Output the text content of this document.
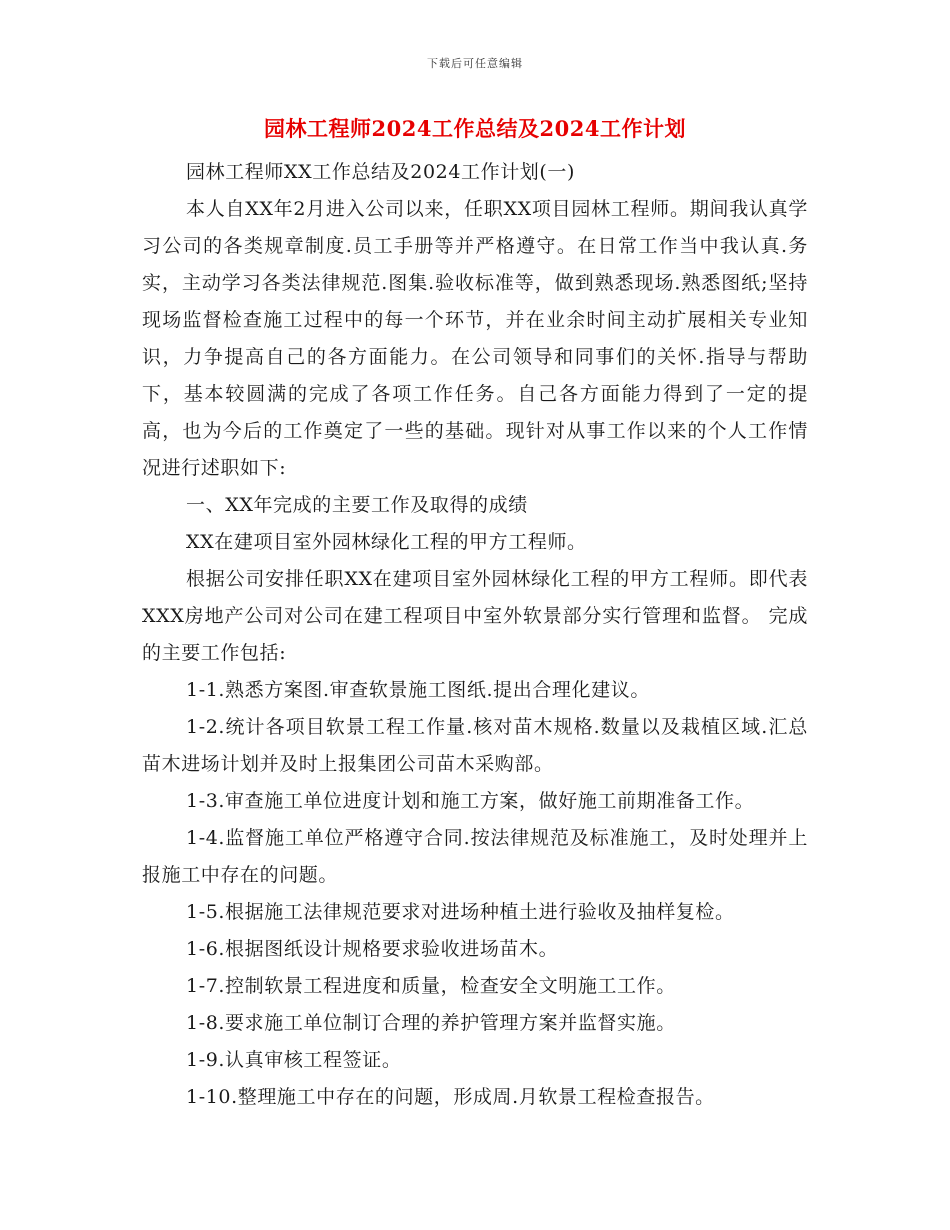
下载后可任意编辑
园林工程师2024工作总结及2024工作计划

园林工程师XX工作总结及2024工作计划(一)

本人自XX年2月进入公司以来，任职XX项目园林工程师。期间我认真学习公司的各类规章制度.员工手册等并严格遵守。在日常工作当中我认真.务实，主动学习各类法律规范.图集.验收标准等，做到熟悉现场.熟悉图纸;坚持现场监督检查施工过程中的每一个环节，并在业余时间主动扩展相关专业知识，力争提高自己的各方面能力。在公司领导和同事们的关怀.指导与帮助下，基本较圆满的完成了各项工作任务。自己各方面能力得到了一定的提高，也为今后的工作奠定了一些的基础。现针对从事工作以来的个人工作情况进行述职如下:

一、XX年完成的主要工作及取得的成绩

XX在建项目室外园林绿化工程的甲方工程师。

根据公司安排任职XX在建项目室外园林绿化工程的甲方工程师。即代表XXX房地产公司对公司在建工程项目中室外软景部分实行管理和监督。 完成的主要工作包括:

1-1.熟悉方案图.审查软景施工图纸.提出合理化建议。

1-2.统计各项目软景工程工作量.核对苗木规格.数量以及栽植区域.汇总苗木进场计划并及时上报集团公司苗木采购部。

1-3.审查施工单位进度计划和施工方案，做好施工前期准备工作。

1-4.监督施工单位严格遵守合同.按法律规范及标准施工，及时处理并上报施工中存在的问题。

1-5.根据施工法律规范要求对进场种植土进行验收及抽样复检。

1-6.根据图纸设计规格要求验收进场苗木。

1-7.控制软景工程进度和质量，检查安全文明施工工作。

1-8.要求施工单位制订合理的养护管理方案并监督实施。

1-9.认真审核工程签证。

1-10.整理施工中存在的问题，形成周.月软景工程检查报告。
